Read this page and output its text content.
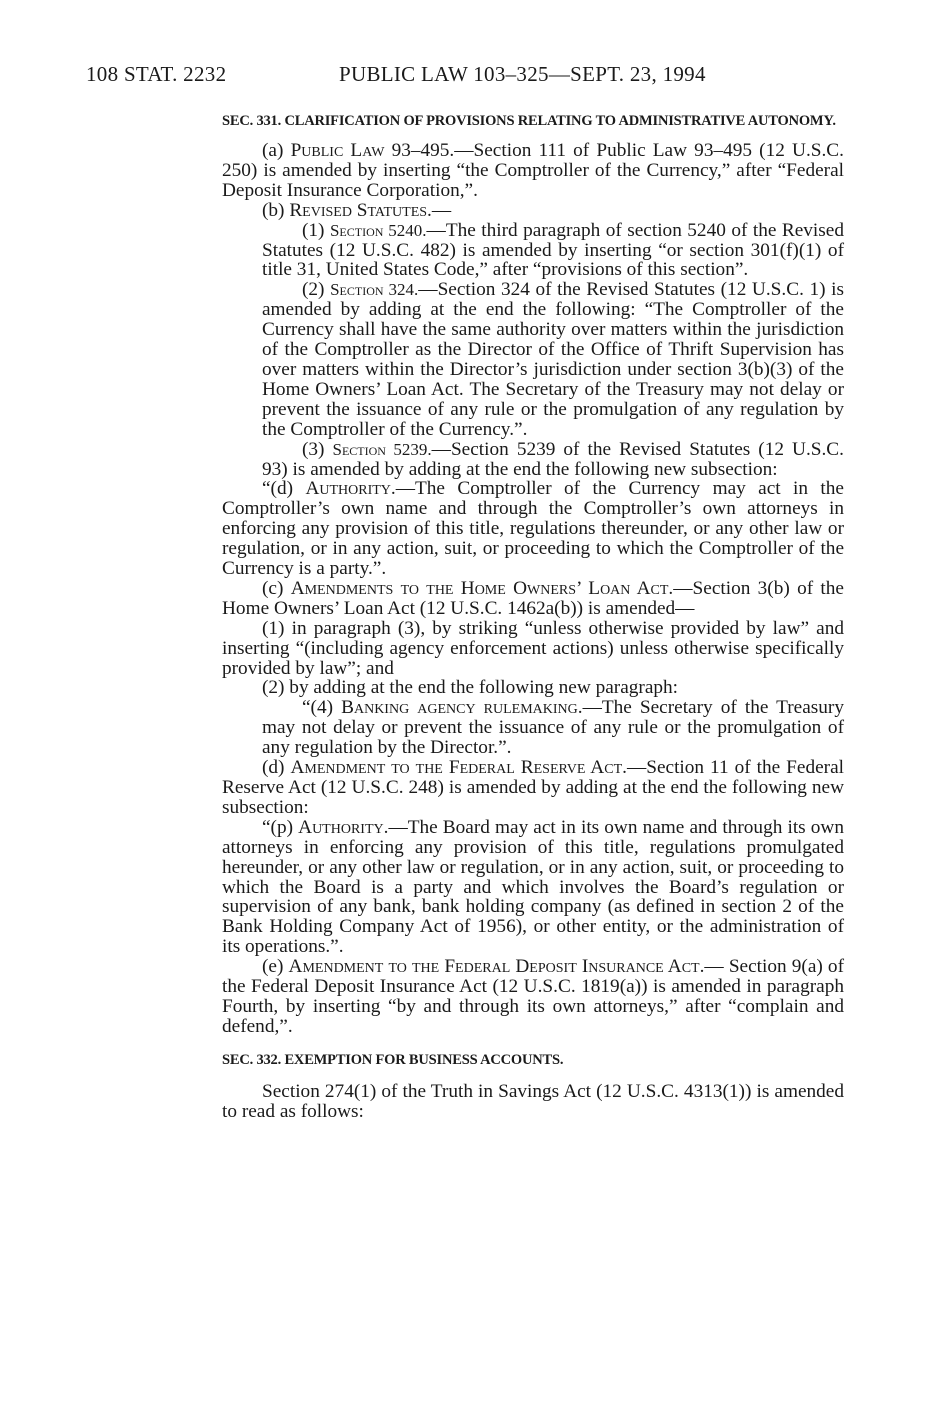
108 STAT. 2232	PUBLIC LAW 103–325—SEPT. 23, 1994

SEC. 331. CLARIFICATION OF PROVISIONS RELATING TO ADMINISTRATIVE AUTONOMY.

(a) Public Law 93–495.—Section 111 of Public Law 93–495 (12 U.S.C. 250) is amended by inserting “the Comptroller of the Currency,” after “Federal Deposit Insurance Corporation,”.

(b) Revised Statutes.—

(1) Section 5240.—The third paragraph of section 5240 of the Revised Statutes (12 U.S.C. 482) is amended by inserting “or section 301(f)(1) of title 31, United States Code,” after “provisions of this section”.

(2) Section 324.—Section 324 of the Revised Statutes (12 U.S.C. 1) is amended by adding at the end the following: “The Comptroller of the Currency shall have the same authority over matters within the jurisdiction of the Comptroller as the Director of the Office of Thrift Supervision has over matters within the Director’s jurisdiction under section 3(b)(3) of the Home Owners’ Loan Act. The Secretary of the Treasury may not delay or prevent the issuance of any rule or the promulgation of any regulation by the Comptroller of the Currency.”.

(3) Section 5239.—Section 5239 of the Revised Statutes (12 U.S.C. 93) is amended by adding at the end the following new subsection:

“(d) Authority.—The Comptroller of the Currency may act in the Comptroller’s own name and through the Comptroller’s own attorneys in enforcing any provision of this title, regulations thereunder, or any other law or regulation, or in any action, suit, or proceeding to which the Comptroller of the Currency is a party.”.

(c) Amendments to the Home Owners’ Loan Act.—Section 3(b) of the Home Owners’ Loan Act (12 U.S.C. 1462a(b)) is amended—

(1) in paragraph (3), by striking “unless otherwise provided by law” and inserting “(including agency enforcement actions) unless otherwise specifically provided by law”; and

(2) by adding at the end the following new paragraph:

“(4) Banking agency rulemaking.—The Secretary of the Treasury may not delay or prevent the issuance of any rule or the promulgation of any regulation by the Director.”.

(d) Amendment to the Federal Reserve Act.—Section 11 of the Federal Reserve Act (12 U.S.C. 248) is amended by adding at the end the following new subsection:

“(p) Authority.—The Board may act in its own name and through its own attorneys in enforcing any provision of this title, regulations promulgated hereunder, or any other law or regulation, or in any action, suit, or proceeding to which the Board is a party and which involves the Board’s regulation or supervision of any bank, bank holding company (as defined in section 2 of the Bank Holding Company Act of 1956), or other entity, or the administration of its operations.”.

(e) Amendment to the Federal Deposit Insurance Act.— Section 9(a) of the Federal Deposit Insurance Act (12 U.S.C. 1819(a)) is amended in paragraph Fourth, by inserting “by and through its own attorneys,” after “complain and defend,”.

SEC. 332. EXEMPTION FOR BUSINESS ACCOUNTS.

Section 274(1) of the Truth in Savings Act (12 U.S.C. 4313(1)) is amended to read as follows:
